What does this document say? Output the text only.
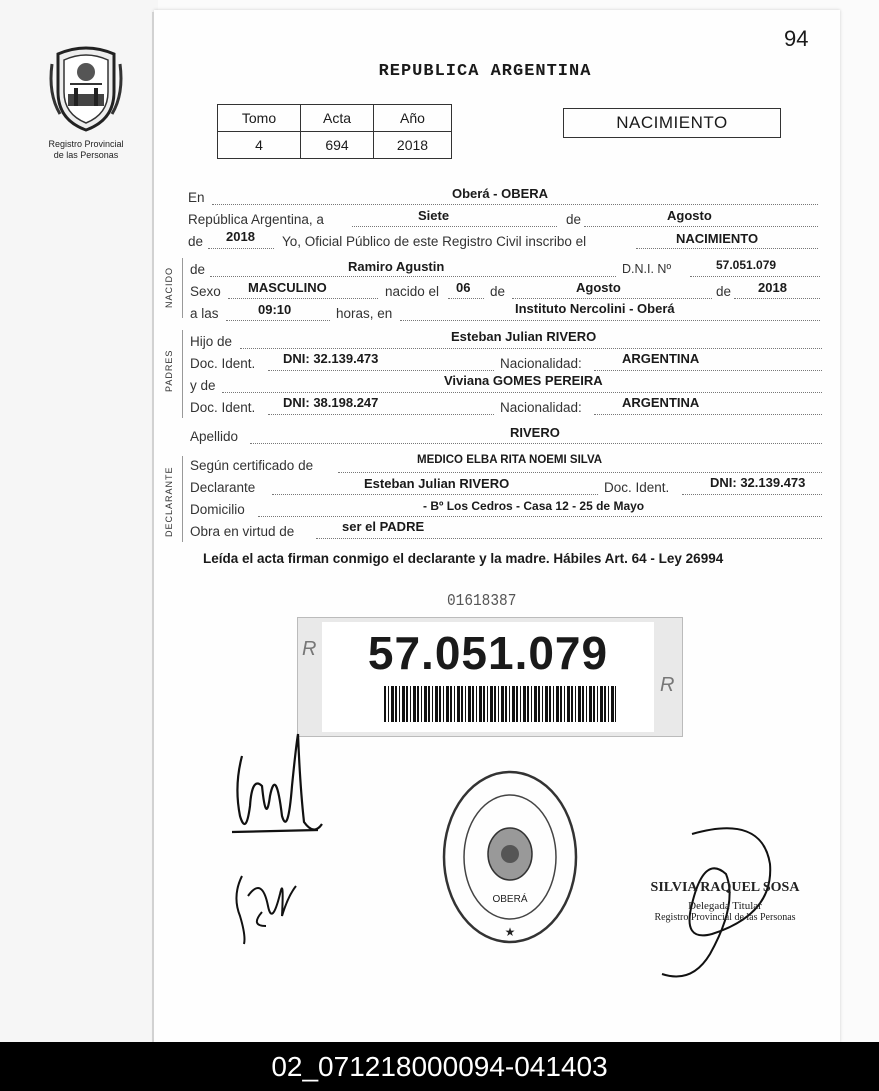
Registro Provincial
de las Personas
94
REPUBLICA ARGENTINA
Tomo	Acta	Año
4	694	2018
NACIMIENTO
NACIDO
PADRES
DECLARANTE
En	Oberá - OBERA
República Argentina, a	Siete	de	Agosto
de 2018 Yo, Oficial Público de este Registro Civil inscribo el	NACIMIENTO
de	Ramiro Agustin	D.N.I. Nº	57.051.079
Sexo MASCULINO	nacido el 06 de	Agosto	de 2018
a las	09:10	horas, en	Instituto Nercolini - Oberá
Hijo de	Esteban Julian RIVERO
Doc. Ident. DNI: 32.139.473	Nacionalidad:	ARGENTINA
y de	Viviana GOMES PEREIRA
Doc. Ident. DNI: 38.198.247	Nacionalidad:	ARGENTINA
Apellido	RIVERO
Según certificado de	MEDICO ELBA RITA NOEMI SILVA
Declarante	Esteban Julian RIVERO	Doc. Ident.	DNI: 32.139.473
Domicilio	- Bº Los Cedros - Casa 12 - 25 de Mayo
Obra en virtud de	ser el PADRE
Leída el acta firman conmigo el declarante y la madre. Hábiles Art. 64 - Ley 26994
01618387
R
R
57.051.079
OBERÁ
★
SILVIA RAQUEL SOSA
Delegada Titular
Registro Provincial de las Personas
02_071218000094-041403
